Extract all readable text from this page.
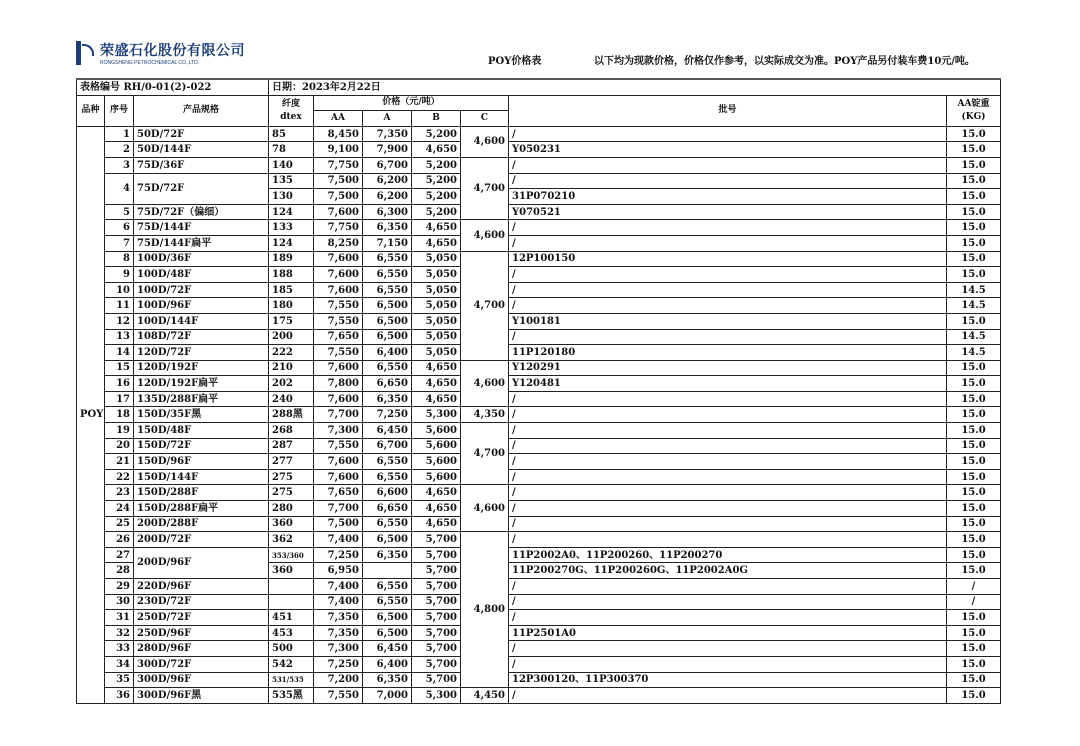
荣盛石化股份有限公司
RONGSHENG PETROCHEMICAL CO.,LTD.	POY价格表	以下均为现款价格，价格仅作参考，以实际成交为准。POY产品另付装车费10元/吨。
表格编号 RH/0-01(2)-022			日期：2023年2月22日						
品种	序号	产品规格	纤度
dtex	价格（元/吨）				批号	AA锭重
(KG)
				AA	A	B	C		
POY	1	50D/72F	85	8,450	7,350	5,200	4,600	/	15.0
	2	50D/144F	78	9,100	7,900	4,650		Y050231	15.0
	3	75D/36F	140	7,750	6,700	5,200	4,700	/	15.0
	4	75D/72F	135	7,500	6,200	5,200		/	15.0
			130	7,500	6,200	5,200		31P070210	15.0
	5	75D/72F（偏细）	124	7,600	6,300	5,200		Y070521	15.0
	6	75D/144F	133	7,750	6,350	4,650	4,600	/	15.0
	7	75D/144F扁平	124	8,250	7,150	4,650		/	15.0
	8	100D/36F	189	7,600	6,550	5,050	4,700	12P100150	15.0
	9	100D/48F	188	7,600	6,550	5,050		/	15.0
	10	100D/72F	185	7,600	6,550	5,050		/	14.5
	11	100D/96F	180	7,550	6,500	5,050		/	14.5
	12	100D/144F	175	7,550	6,500	5,050		Y100181	15.0
	13	108D/72F	200	7,650	6,500	5,050		/	14.5
	14	120D/72F	222	7,550	6,400	5,050		11P120180	14.5
	15	120D/192F	210	7,600	6,550	4,650	4,600	Y120291	15.0
	16	120D/192F扁平	202	7,800	6,650	4,650		Y120481	15.0
	17	135D/288F扁平	240	7,600	6,350	4,650		/	15.0
	18	150D/35F黑	288黑	7,700	7,250	5,300	4,350	/	15.0
	19	150D/48F	268	7,300	6,450	5,600	4,700	/	15.0
	20	150D/72F	287	7,550	6,700	5,600		/	15.0
	21	150D/96F	277	7,600	6,550	5,600		/	15.0
	22	150D/144F	275	7,600	6,550	5,600		/	15.0
	23	150D/288F	275	7,650	6,600	4,650	4,600	/	15.0
	24	150D/288F扁平	280	7,700	6,650	4,650		/	15.0
	25	200D/288F	360	7,500	6,550	4,650		/	15.0
	26	200D/72F	362	7,400	6,500	5,700	4,800	/	15.0
	27	200D/96F	353/360	7,250	6,350	5,700		11P2002A0、11P200260、11P200270	15.0
	28		360	6,950		5,700		11P200270G、11P200260G、11P2002A0G	15.0
	29	220D/96F		7,400	6,550	5,700		/	/
	30	230D/72F		7,400	6,550	5,700		/	/
	31	250D/72F	451	7,350	6,500	5,700		/	15.0
	32	250D/96F	453	7,350	6,500	5,700		11P2501A0	15.0
	33	280D/96F	500	7,300	6,450	5,700		/	15.0
	34	300D/72F	542	7,250	6,400	5,700		/	15.0
	35	300D/96F	531/535	7,200	6,350	5,700		12P300120、11P300370	15.0
	36	300D/96F黑	535黑	7,550	7,000	5,300	4,450	/	15.0
